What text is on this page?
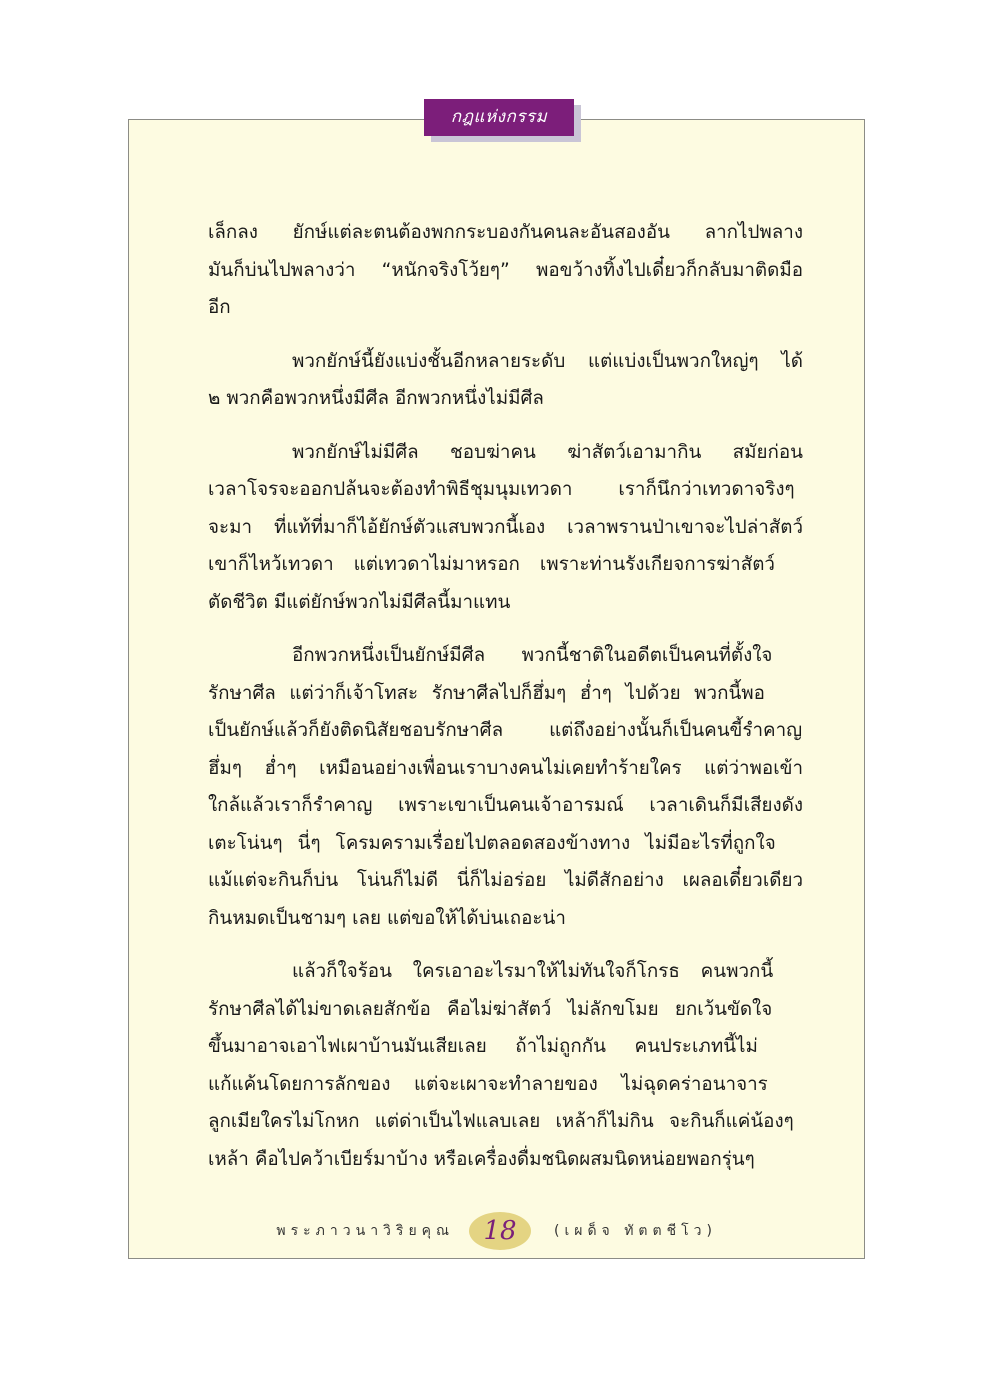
กฎแห่งกรรม

เล็กลง ยักษ์แต่ละตนต้องพกกระบองกันคนละอันสองอัน ลากไปพลาง
มันก็บ่นไปพลางว่า “หนักจริงโว้ยๆ” พอขว้างทิ้งไปเดี๋ยวก็กลับมาติดมือ
อีก

พวกยักษ์นี้ยังแบ่งชั้นอีกหลายระดับ แต่แบ่งเป็นพวกใหญ่ๆ ได้
๒ พวกคือพวกหนึ่งมีศีล อีกพวกหนึ่งไม่มีศีล

พวกยักษ์ไม่มีศีล ชอบฆ่าคน ฆ่าสัตว์เอามากิน สมัยก่อน
เวลาโจรจะออกปล้นจะต้องทำพิธีชุมนุมเทวดา เราก็นึกว่าเทวดาจริงๆ
จะมา ที่แท้ที่มาก็ไอ้ยักษ์ตัวแสบพวกนี้เอง เวลาพรานป่าเขาจะไปล่าสัตว์
เขาก็ไหว้เทวดา แต่เทวดาไม่มาหรอก เพราะท่านรังเกียจการฆ่าสัตว์
ตัดชีวิต มีแต่ยักษ์พวกไม่มีศีลนี้มาแทน

อีกพวกหนึ่งเป็นยักษ์มีศีล พวกนี้ชาติในอดีตเป็นคนที่ตั้งใจ
รักษาศีล แต่ว่าก็เจ้าโทสะ รักษาศีลไปก็ฮึ่มๆ ฮ่ำๆ ไปด้วย พวกนี้พอ
เป็นยักษ์แล้วก็ยังติดนิสัยชอบรักษาศีล แต่ถึงอย่างนั้นก็เป็นคนขี้รำคาญ
ฮึ่มๆ ฮ่ำๆ เหมือนอย่างเพื่อนเราบางคนไม่เคยทำร้ายใคร แต่ว่าพอเข้า
ใกล้แล้วเราก็รำคาญ เพราะเขาเป็นคนเจ้าอารมณ์ เวลาเดินก็มีเสียงดัง
เตะโน่นๆ นี่ๆ โครมครามเรื่อยไปตลอดสองข้างทาง ไม่มีอะไรที่ถูกใจ
แม้แต่จะกินก็บ่น โน่นก็ไม่ดี นี่ก็ไม่อร่อย ไม่ดีสักอย่าง เผลอเดี๋ยวเดียว
กินหมดเป็นชามๆ เลย แต่ขอให้ได้บ่นเถอะน่า

แล้วก็ใจร้อน ใครเอาอะไรมาให้ไม่ทันใจก็โกรธ คนพวกนี้
รักษาศีลได้ไม่ขาดเลยสักข้อ คือไม่ฆ่าสัตว์ ไม่ลักขโมย ยกเว้นขัดใจ
ขึ้นมาอาจเอาไฟเผาบ้านมันเสียเลย ถ้าไม่ถูกกัน คนประเภทนี้ไม่
แก้แค้นโดยการลักของ แต่จะเผาจะทำลายของ ไม่ฉุดคร่าอนาจาร
ลูกเมียใครไม่โกหก แต่ด่าเป็นไฟแลบเลย เหล้าก็ไม่กิน จะกินก็แค่น้องๆ
เหล้า คือไปคว้าเบียร์มาบ้าง หรือเครื่องดื่มชนิดผสมนิดหน่อยพอกรุ่นๆ

พระภาวนาวิริยคุณ	18	(เผด็จ ทัตตชีโว)
